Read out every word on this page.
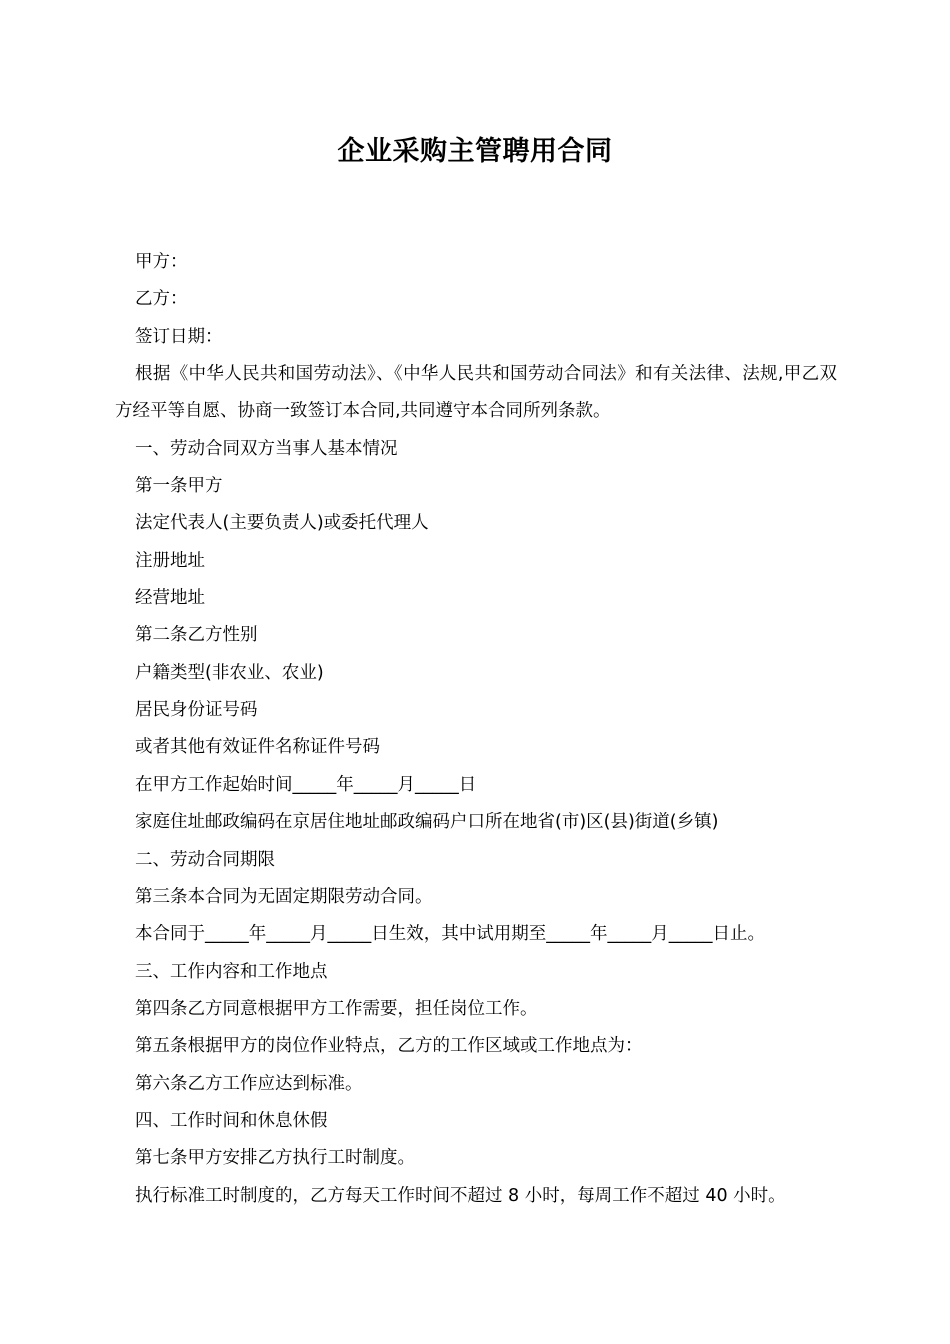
企业采购主管聘用合同

甲方：

乙方：

签订日期：

根据《中华人民共和国劳动法》、《中华人民共和国劳动合同法》和有关法律、法规,甲乙双方经平等自愿、协商一致签订本合同,共同遵守本合同所列条款。

一、劳动合同双方当事人基本情况

第一条甲方

法定代表人(主要负责人)或委托代理人

注册地址

经营地址

第二条乙方性别

户籍类型(非农业、农业)

居民身份证号码

或者其他有效证件名称证件号码

在甲方工作起始时间_____年_____月_____日

家庭住址邮政编码在京居住地址邮政编码户口所在地省(市)区(县)街道(乡镇)

二、劳动合同期限

第三条本合同为无固定期限劳动合同。

本合同于_____年_____月_____日生效，其中试用期至_____年_____月_____日止。

三、工作内容和工作地点

第四条乙方同意根据甲方工作需要，担任岗位工作。

第五条根据甲方的岗位作业特点，乙方的工作区域或工作地点为：

第六条乙方工作应达到标准。

四、工作时间和休息休假

第七条甲方安排乙方执行工时制度。

执行标准工时制度的，乙方每天工作时间不超过 8 小时，每周工作不超过 40 小时。
